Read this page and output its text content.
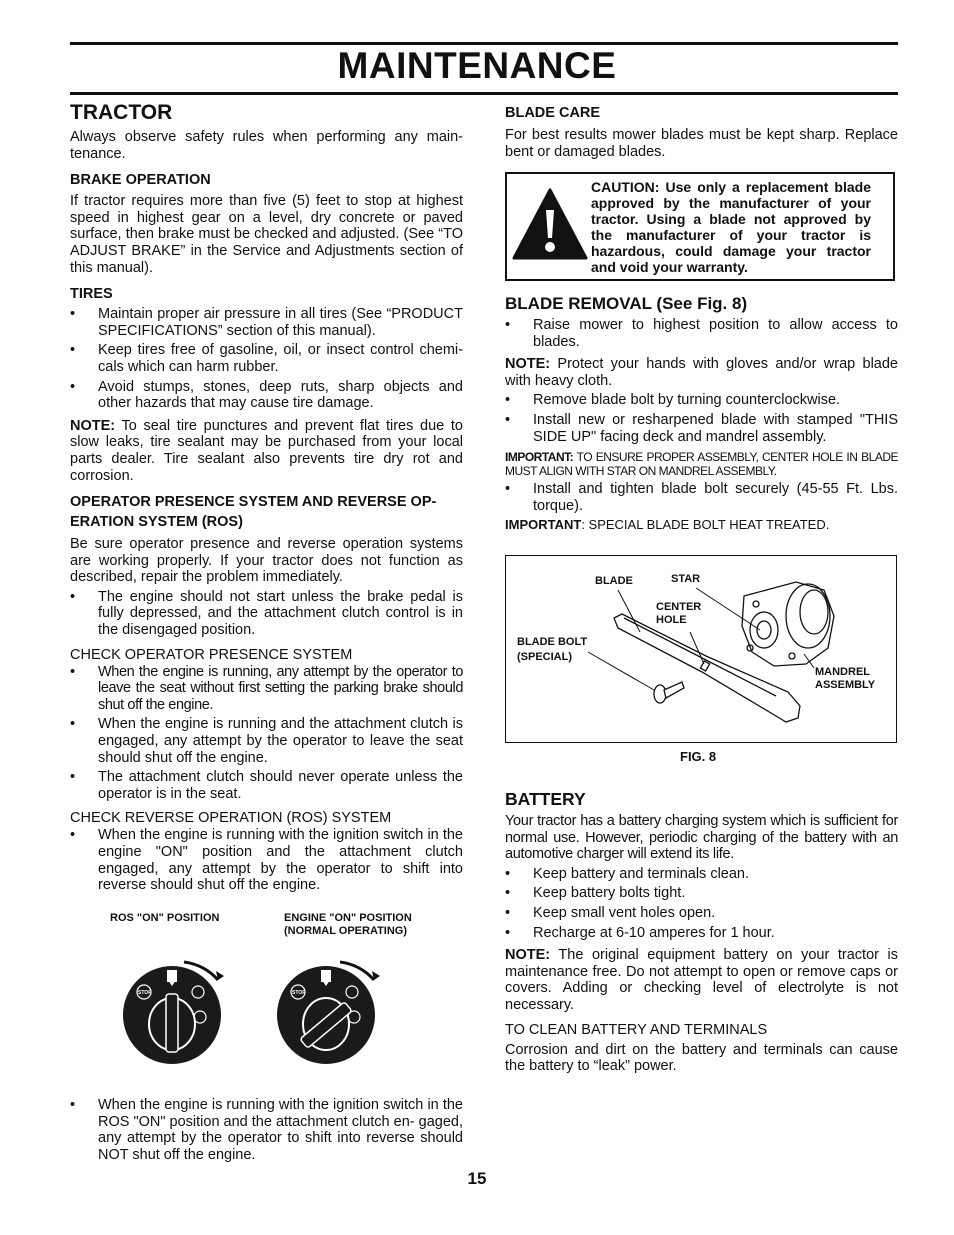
MAINTENANCE
TRACTOR

Always observe safety rules when performing any main- tenance.

BRAKE OPERATION

If tractor requires more than five (5) feet to stop at highest speed in highest gear on a level, dry concrete or paved surface, then brake must be checked and adjusted. (See “TO ADJUST BRAKE” in the Service and Adjustments section of this manual).

TIRES
• Maintain proper air pressure in all tires (See “PRODUCT SPECIFICATIONS” section of this manual).
• Keep tires free of gasoline, oil, or insect control chemi- cals which can harm rubber.
• Avoid stumps, stones, deep ruts, sharp objects and other hazards that may cause tire damage.

NOTE: To seal tire punctures and prevent flat tires due to slow leaks, tire sealant may be purchased from your local parts dealer. Tire sealant also prevents tire dry rot and corrosion.

OPERATOR PRESENCE SYSTEM AND REVERSE OP-
ERATION SYSTEM (ROS)

Be sure operator presence and reverse operation systems are working properly. If your tractor does not function as described, repair the problem immediately.

• The engine should not start unless the brake pedal is fully depressed, and the attachment clutch control is in the disengaged position.
CHECK OPERATOR PRESENCE SYSTEM
• When the engine is running, any attempt by the operator to leave the seat without first setting the parking brake should shut off the engine.
• When the engine is running and the attachment clutch is engaged, any attempt by the operator to leave the seat should shut off the engine.
• The attachment clutch should never operate unless the operator is in the seat.
CHECK REVERSE OPERATION (ROS) SYSTEM
• When the engine is running with the ignition switch in the engine "ON" position and the attachment clutch engaged, any attempt by the operator to shift into reverse should shut off the engine.
ROS "ON" POSITION	ENGINE "ON" POSITION
(NORMAL OPERATING)
STOP	STOP
• When the engine is running with the ignition switch in the ROS "ON" position and the attachment clutch en- gaged, any attempt by the operator to shift into reverse should NOT shut off the engine.
BLADE CARE

For best results mower blades must be kept sharp. Replace bent or damaged blades.

CAUTION: Use only a replacement blade approved by the manufacturer of your tractor. Using a blade not approved by the manufacturer of your tractor is hazardous, could damage your tractor and void your warranty.
BLADE REMOVAL (See Fig. 8)
• Raise mower to highest position to allow access to blades.

NOTE: Protect your hands with gloves and/or wrap blade with heavy cloth.

• Remove blade bolt by turning counterclockwise.
• Install new or resharpened blade with stamped "THIS SIDE UP" facing deck and mandrel assembly.

IMPORTANT: TO ENSURE PROPER ASSEMBLY, CENTER HOLE IN BLADE MUST ALIGN WITH STAR ON MANDREL ASSEMBLY.

• Install and tighten blade bolt securely (45-55 Ft. Lbs. torque).

IMPORTANT: SPECIAL BLADE BOLT HEAT TREATED.

BLADE	STAR
CENTER
HOLE
BLADE BOLT
(SPECIAL)
MANDREL
ASSEMBLY
FIG. 8
BATTERY

Your tractor has a battery charging system which is sufficient for normal use. However, periodic charging of the battery with an automotive charger will extend its life.

• Keep battery and terminals clean.
• Keep battery bolts tight.
• Keep small vent holes open.
• Recharge at 6-10 amperes for 1 hour.

NOTE: The original equipment battery on your tractor is maintenance free. Do not attempt to open or remove caps or covers. Adding or checking level of electrolyte is not necessary.

TO CLEAN BATTERY AND TERMINALS

Corrosion and dirt on the battery and terminals can cause the battery to “leak” power.

15
